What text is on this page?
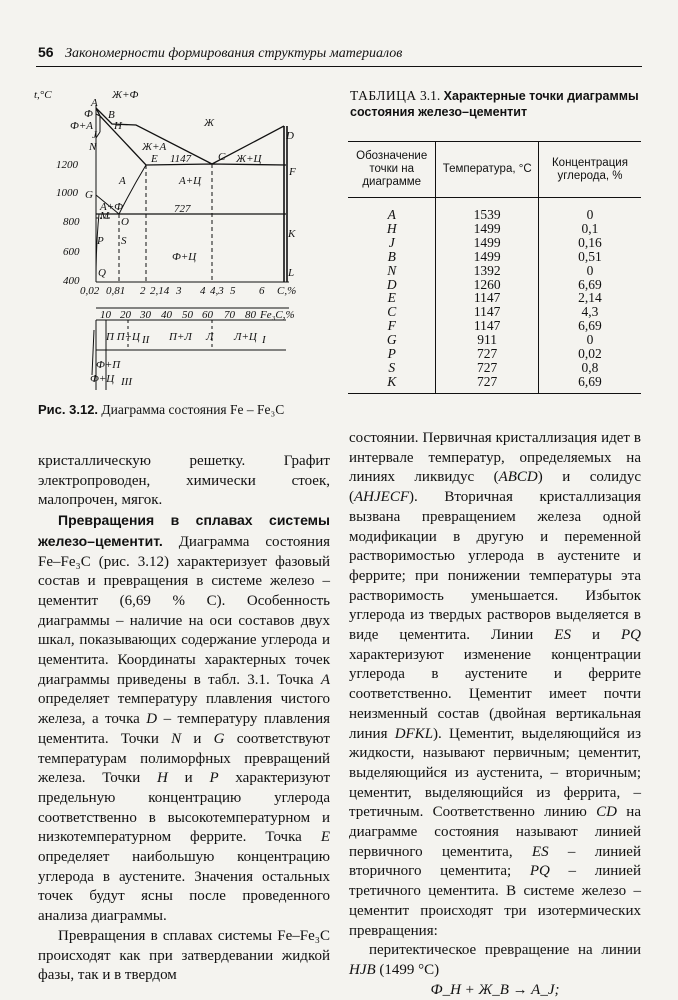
56 Закономерности формирования структуры материалов
t,°C
1200
1000
800
600
400
0,02 0,81 2 2,14 3 4 4,3 5 6 C,%
10 20 30 40 50 60 70 80 Fe₃C,%
A
Ф
Ф+А
J
N
G
H
B
E	C
D
F
M O
P S
K
Q	L
Ж+Ф
Ж
Ж+А
Ж+Ц
А
А+Ф
А+Ц
1147
727
Ф+Ц
П П+Ц II П+Л Л Л+Ц I
Ф+П
Ф+Ц III
Рис. 3.12. Диаграмма состояния Fe – Fe₃C
ТАБЛИЦА 3.1. Характерные точки диаграммы состояния железо–цементит
Обозначение точки на диаграмме	Температура, °C	Концентрация углерода, %
A	1539	0
H	1499	0,1
J	1499	0,16
B	1499	0,51
N	1392	0
D	1260	6,69
E	1147	2,14
C	1147	4,3
F	1147	6,69
G	911	0
P	727	0,02
S	727	0,8
K	727	6,69

кристаллическую решетку. Графит электропроводен, химически стоек, малопрочен, мягок.

Превращения в сплавах системы железо–цементит. Диаграмма состояния Fe–Fe₃C (рис. 3.12) характеризует фазовый состав и превращения в системе железо – цементит (6,69 % C). Особенность диаграммы – наличие на оси составов двух шкал, показывающих содержание углерода и цементита. Координаты характерных точек диаграммы приведены в табл. 3.1. Точка A определяет температуру плавления чистого железа, а точка D – температуру плавления цементита. Точки N и G соответствуют температурам полиморфных превращений железа. Точки H и P характеризуют предельную концентрацию углерода соответственно в высокотемпературном и низкотемпературном феррите. Точка E определяет наибольшую концентрацию углерода в аустените. Значения остальных точек будут ясны после проведенного анализа диаграммы.

Превращения в сплавах системы Fe–Fe₃C происходят как при затвердевании жидкой фазы, так и в твердом

состоянии. Первичная кристаллизация идет в интервале температур, определяемых на линиях ликвидус (ABCD) и солидус (AHJECF). Вторичная кристаллизация вызвана превращением железа одной модификации в другую и переменной растворимостью углерода в аустените и феррите; при понижении температуры эта растворимость уменьшается. Избыток углерода из твердых растворов выделяется в виде цементита. Линии ES и PQ характеризуют изменение концентрации углерода в аустените и феррите соответственно. Цементит имеет почти неизменный состав (двойная вертикальная линия DFKL). Цементит, выделяющийся из жидкости, называют первичным; цементит, выделяющийся из аустенита, – вторичным; цементит, выделяющийся из феррита, – третичным. Соответственно линию CD на диаграмме состояния называют линией первичного цементита, ES – линией вторичного цементита; PQ – линией третичного цементита. В системе железо – цементит происходят три изотермических превращения:

перитектическое превращение на линии HJB (1499 °C)

Ф_H + Ж_B → A_J;
